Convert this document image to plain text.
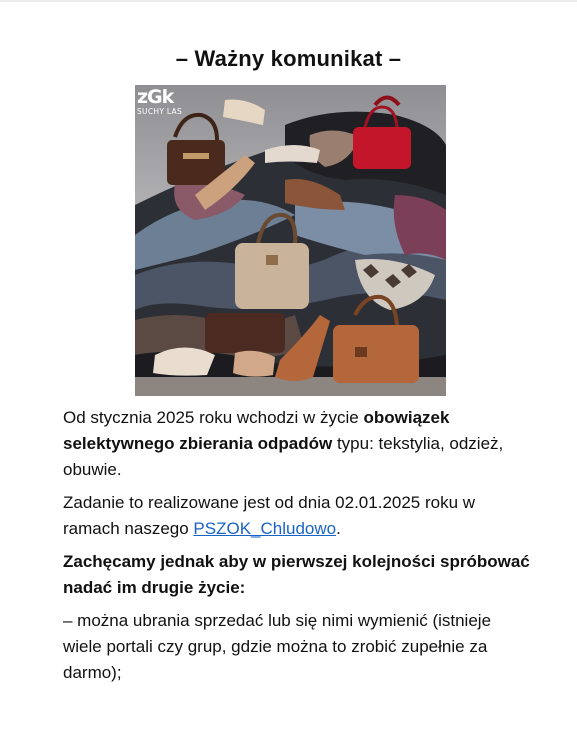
– Ważny komunikat –
zGk
SUCHY LAS

Od stycznia 2025 roku wchodzi w życie obowiązek selektywnego zbierania odpadów typu: tekstylia, odzież, obuwie.

Zadanie to realizowane jest od dnia 02.01.2025 roku w ramach naszego PSZOK_Chludowo.

Zachęcamy jednak aby w pierwszej kolejności spróbować nadać im drugie życie:

– można ubrania sprzedać lub się nimi wymienić (istnieje wiele portali czy grup, gdzie można to zrobić zupełnie za darmo);
